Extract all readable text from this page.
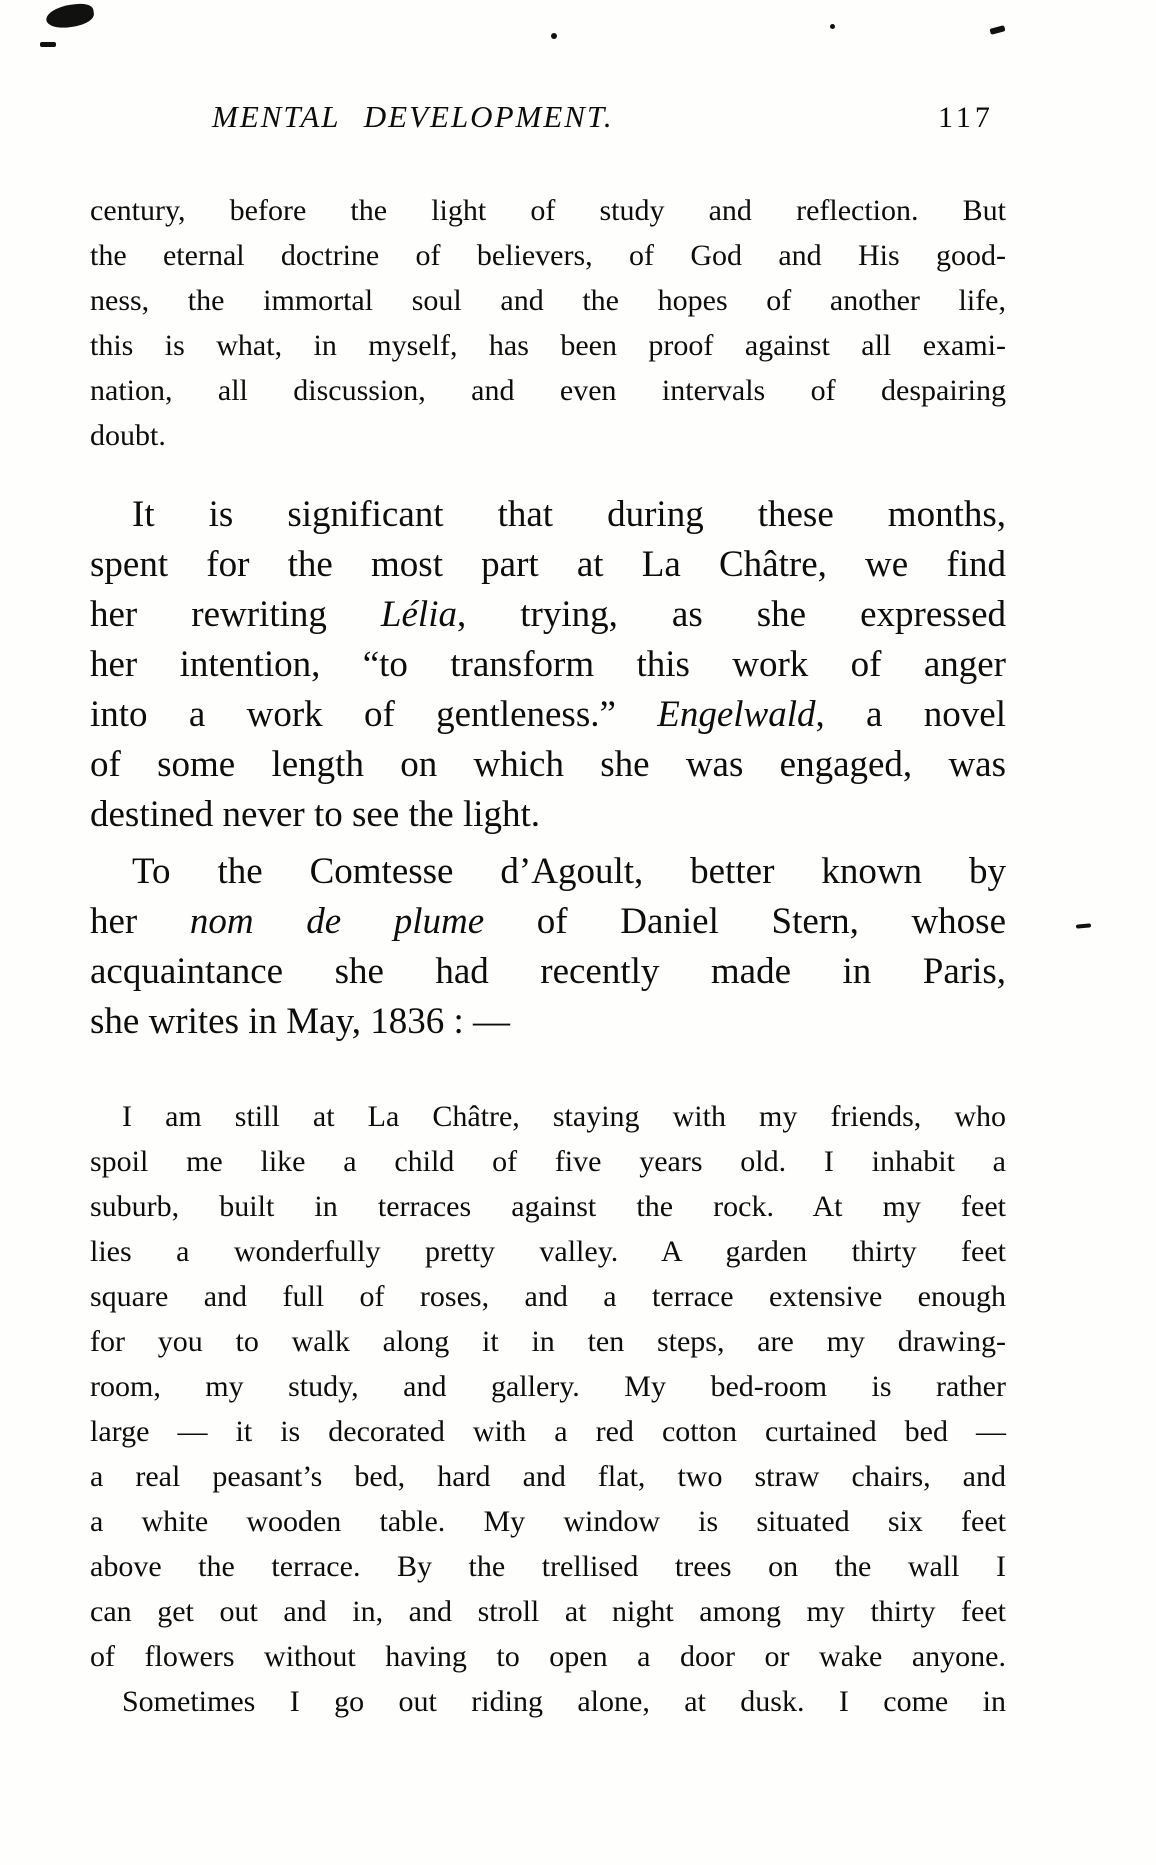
MENTAL DEVELOPMENT.	117
century, before the light of study and reflection. But
the eternal doctrine of believers, of God and His good-
ness, the immortal soul and the hopes of another life,
this is what, in myself, has been proof against all exami-
nation, all discussion, and even intervals of despairing
doubt.
It is significant that during these months,
spent for the most part at La Châtre, we find
her rewriting Lélia, trying, as she expressed
her intention, “to transform this work of anger
into a work of gentleness.” Engelwald, a novel
of some length on which she was engaged, was
destined never to see the light.
To the Comtesse d’Agoult, better known by
her nom de plume of Daniel Stern, whose
acquaintance she had recently made in Paris,
she writes in May, 1836 : —
I am still at La Châtre, staying with my friends, who
spoil me like a child of five years old. I inhabit a
suburb, built in terraces against the rock. At my feet
lies a wonderfully pretty valley. A garden thirty feet
square and full of roses, and a terrace extensive enough
for you to walk along it in ten steps, are my drawing-
room, my study, and gallery. My bed-room is rather
large — it is decorated with a red cotton curtained bed —
a real peasant’s bed, hard and flat, two straw chairs, and
a white wooden table. My window is situated six feet
above the terrace. By the trellised trees on the wall I
can get out and in, and stroll at night among my thirty feet
of flowers without having to open a door or wake anyone.
Sometimes I go out riding alone, at dusk. I come in
